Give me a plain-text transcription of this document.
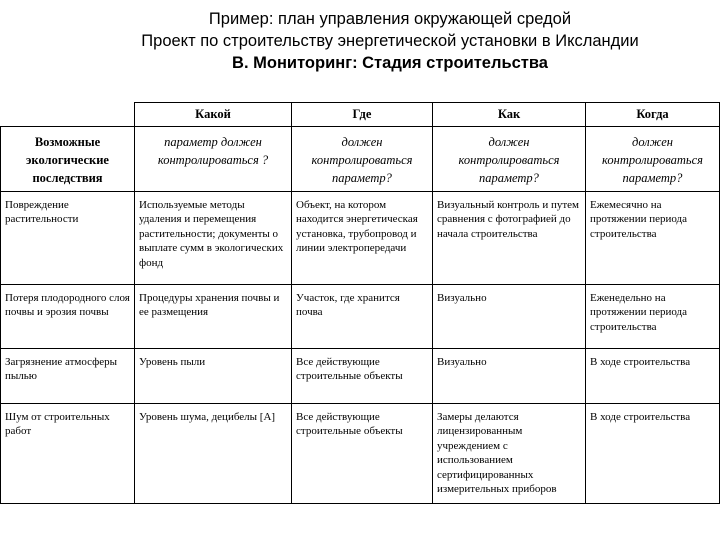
Пример: план управления окружающей средой
Проект по строительству энергетической установки в Иксландии
B. Мониторинг: Стадия строительства
	Какой	Где	Как	Когда
Возможные экологические последствия	параметр должен контролироваться ?	должен контролироваться параметр?	должен контролироваться параметр?	должен контролироваться параметр?
Повреждение растительности	Используемые методы удаления и перемещения растительности; документы о выплате сумм в экологических фонд	Объект, на котором находится энергетическая установка, трубопровод и линии электропередачи	Визуальный контроль и путем сравнения с фотографией до начала строительства	Ежемесячно на протяжении периода строительства
Потеря плодородного слоя почвы и эрозия почвы	Процедуры хранения почвы и ее размещения	Участок, где хранится почва	Визуально	Еженедельно на протяжении периода строительства
Загрязнение атмосферы пылью	Уровень пыли	Все действующие строительные объекты	Визуально	В ходе строительства
Шум от строительных работ	Уровень шума, децибелы [A]	Все действующие строительные объекты	Замеры делаются лицензированным учреждением с использованием сертифицированных измерительных приборов	В ходе строительства
